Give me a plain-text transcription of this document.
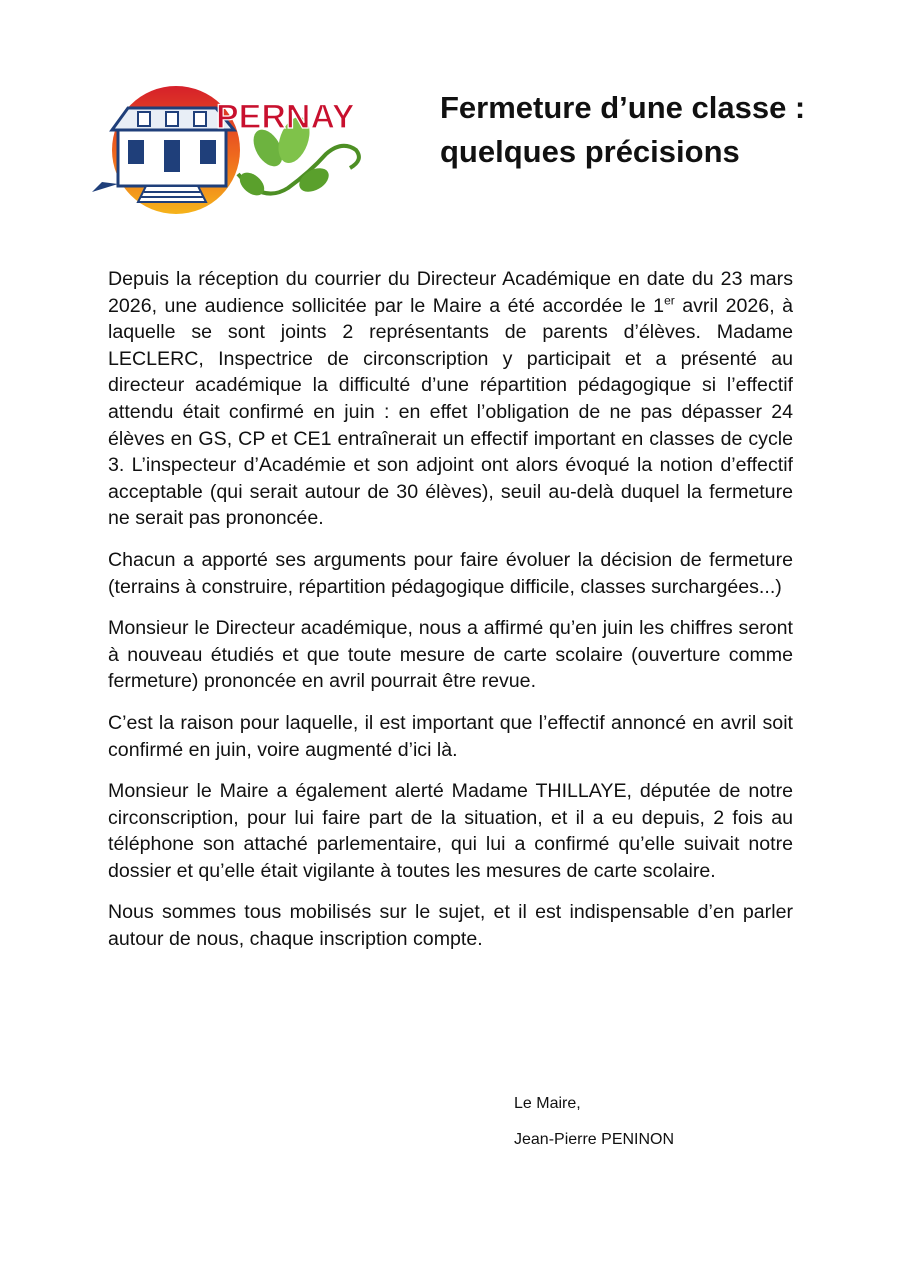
PERNAY	Fermeture d’une classe : quelques précisions

Depuis la réception du courrier du Directeur Académique en date du 23 mars 2026, une audience sollicitée par le Maire a été accordée le 1er avril 2026, à laquelle se sont joints 2 représentants de parents d’élèves. Madame LECLERC, Inspectrice de circonscription y participait et a présenté au directeur académique la difficulté d’une répartition pédagogique si l’effectif attendu était confirmé en juin : en effet l’obligation de ne pas dépasser 24 élèves en GS, CP et CE1 entraînerait un effectif important en classes de cycle 3. L’inspecteur d’Académie et son adjoint ont alors évoqué la notion d’effectif acceptable (qui serait autour de 30 élèves), seuil au-delà duquel la fermeture ne serait pas prononcée.

Chacun a apporté ses arguments pour faire évoluer la décision de fermeture (terrains à construire, répartition pédagogique difficile, classes surchargées...)

Monsieur le Directeur académique, nous a affirmé qu’en juin les chiffres seront à nouveau étudiés et que toute mesure de carte scolaire (ouverture comme fermeture) prononcée en avril pourrait être revue.

C’est la raison pour laquelle, il est important que l’effectif annoncé en avril soit confirmé en juin, voire augmenté d’ici là.

Monsieur le Maire a également alerté Madame THILLAYE, députée de notre circonscription, pour lui faire part de la situation, et il a eu depuis, 2 fois au téléphone son attaché parlementaire, qui lui a confirmé qu’elle suivait notre dossier et qu’elle était vigilante à toutes les mesures de carte scolaire.

Nous sommes tous mobilisés sur le sujet, et il est indispensable d’en parler autour de nous, chaque inscription compte.

Le Maire,
Jean-Pierre PENINON
